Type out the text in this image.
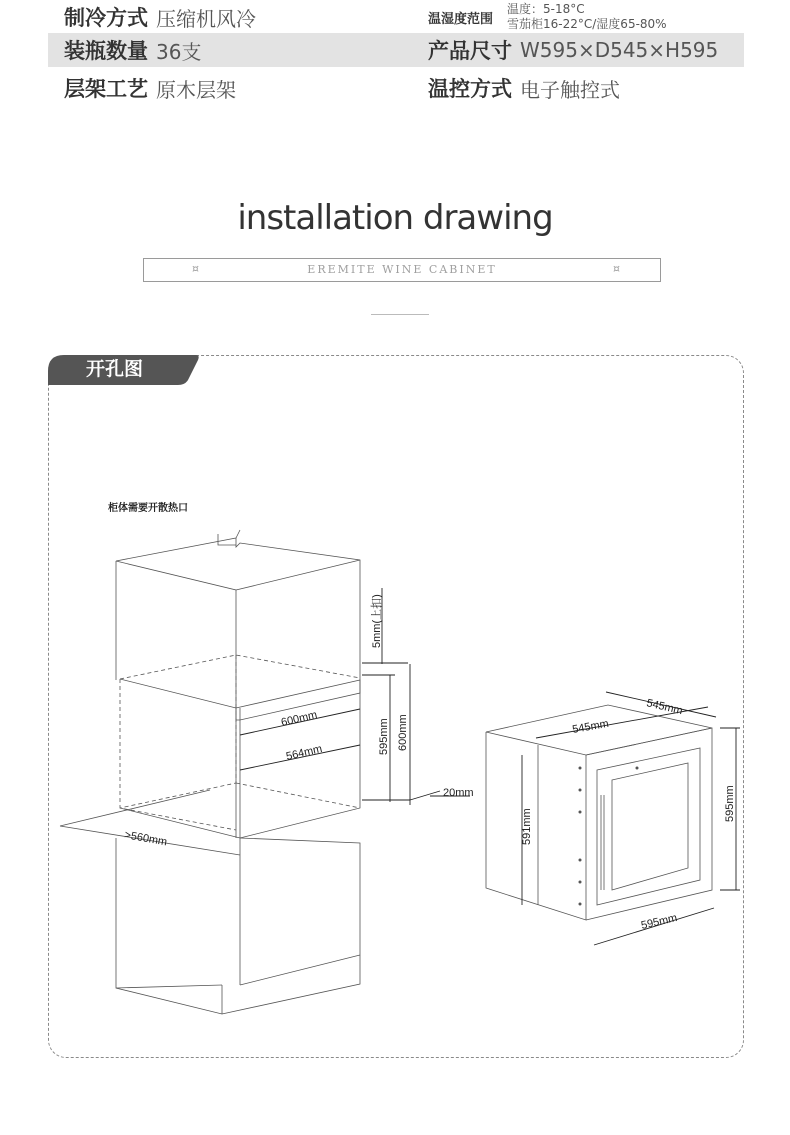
制冷方式 压缩机风冷	温湿度范围
温度：5-18°C
雪茄柜16-22°C/湿度65-80%
装瓶数量 36支	产品尺寸 W595×D545×H595
层架工艺 原木层架	温控方式 电子触控式
installation drawing
¤	EREMITE WINE CABINET	¤
开孔图
柜体需要开散热口
5mm(上扣)
600mm
564mm	595mm 600mm
20mm
>560mm
545mm
545mm
591mm
595mm
595mm
